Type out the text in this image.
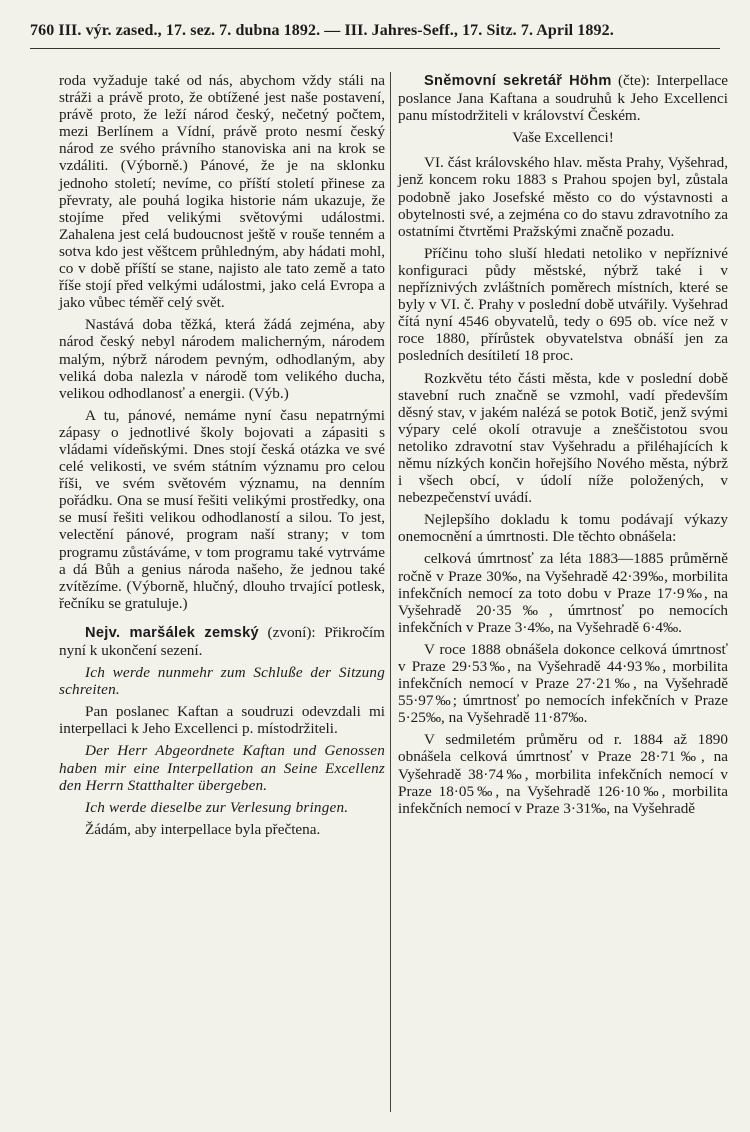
760 III. výr. zased., 17. sez. 7. dubna 1892. — III. Jahres-Seff., 17. Sitz. 7. April 1892.

roda vyžaduje také od nás, abychom vždy stáli na stráži a právě proto, že obtížené jest naše postavení, právě proto, že leží národ český, nečetný počtem, mezi Berlínem a Vídní, právě proto nesmí český národ ze svého právního stanoviska ani na krok se vzdáliti. (Výborně.) Pánové, že je na sklonku jednoho století; nevíme, co příští století přinese za převraty, ale pouhá logika historie nám ukazuje, že stojíme před velikými světovými událostmi. Zahalena jest celá budoucnost ještě v rouše tenném a sotva kdo jest věštcem průhledným, aby hádati mohl, co v době příští se stane, najisto ale tato země a tato říše stojí před velkými událostmi, jako celá Evropa a jako vůbec téměř celý svět.

Nastává doba těžká, která žádá zejména, aby národ český nebyl národem malicherným, národem malým, nýbrž národem pevným, odhodlaným, aby veliká doba nalezla v národě tom velikého ducha, velikou odhodlanosť a energii. (Výb.)

A tu, pánové, nemáme nyní času nepatrnými zápasy o jednotlivé školy bojovati a zápasiti s vládami vídeňskými. Dnes stojí česká otázka ve své celé velikosti, ve svém státním významu pro celou říši, ve svém světovém významu, na denním pořádku. Ona se musí řešiti velikými prostředky, ona se musí řešiti velikou odhodlaností a silou. To jest, velectění pánové, program naší strany; v tom programu zůstáváme, v tom programu také vytrváme a dá Bůh a genius národa našeho, že jednou také zvítězíme. (Výborně, hlučný, dlouho trvající potlesk, řečníku se gratuluje.)

Nejv. maršálek zemský (zvoní): Přikročím nyní k ukončení sezení.

Ich werde nunmehr zum Schluße der Sitzung schreiten.

Pan poslanec Kaftan a soudruzi odevzdali mi interpellaci k Jeho Excellenci p. místodržiteli.

Der Herr Abgeordnete Kaftan und Genossen haben mir eine Interpellation an Seine Excellenz den Herrn Statthalter übergeben.

Ich werde dieselbe zur Verlesung bringen.

Žádám, aby interpellace byla přečtena.

Sněmovní sekretář Höhm (čte): Interpellace poslance Jana Kaftana a soudruhů k Jeho Excellenci panu místodržiteli v království Českém.

Vaše Excellenci!

VI. část královského hlav. města Prahy, Vyšehrad, jenž koncem roku 1883 s Prahou spojen byl, zůstala podobně jako Josefské město co do výstavnosti a obytelnosti své, a zejména co do stavu zdravotního za ostatními čtvrtěmi Pražskými značně pozadu.

Příčinu toho sluší hledati netoliko v nepříznivé konfiguraci půdy městské, nýbrž také i v nepříznivých zvláštních poměrech místních, které se byly v VI. č. Prahy v poslední době utvářily. Vyšehrad čítá nyní 4546 obyvatelů, tedy o 695 ob. více než v roce 1880, přírůstek obyvatelstva obnáší jen za posledních desítiletí 18 proc.

Rozkvětu této části města, kde v poslední době stavební ruch značně se vzmohl, vadí především děsný stav, v jakém nalézá se potok Botič, jenž svými výpary celé okolí otravuje a zneščistotou svou netoliko zdravotní stav Vyšehradu a přiléhajících k němu nízkých končin hořejšího Nového města, nýbrž i všech obcí, v údolí níže položených, v nebezpečenství uvádí.

Nejlepšího dokladu k tomu podávají výkazy onemocnění a úmrtnosti. Dle těchto obnášela:

celková úmrtnosť za léta 1883—1885 průměrně ročně v Praze 30‰, na Vyšehradě 42·39‰, morbilita infekčních nemocí za toto dobu v Praze 17·9‰, na Vyšehradě 20·35‰, úmrtnosť po nemocích infekčních v Praze 3·4‰, na Vyšehradě 6·4‰.

V roce 1888 obnášela dokonce celková úmrtnosť v Praze 29·53‰, na Vyšehradě 44·93‰, morbilita infekčních nemocí v Praze 27·21‰, na Vyšehradě 55·97‰; úmrtnosť po nemocích infekčních v Praze 5·25‰, na Vyšehradě 11·87‰.

V sedmiletém průměru od r. 1884 až 1890 obnášela celková úmrtnosť v Praze 28·71‰, na Vyšehradě 38·74‰, morbilita infekčních nemocí v Praze 18·05‰, na Vyšehradě 126·10‰, morbilita infekčních nemocí v Praze 3·31‰, na Vyšehradě
